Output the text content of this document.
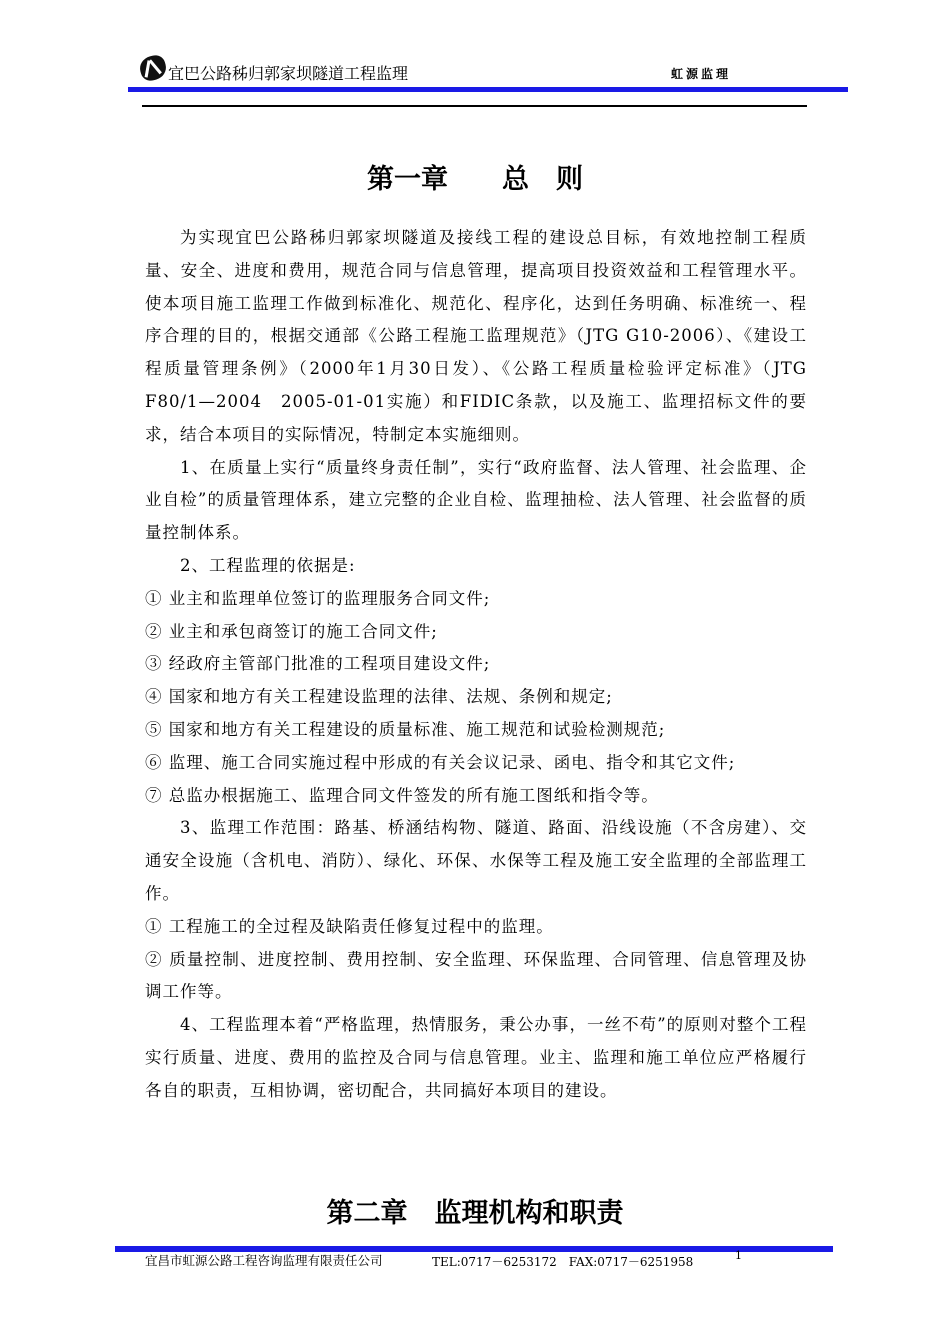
宜巴公路秭归郭家坝隧道工程监理	虹源监理
第一章　　总　则

为实现宜巴公路秭归郭家坝隧道及接线工程的建设总目标，有效地控制工程质量、安全、进度和费用，规范合同与信息管理，提高项目投资效益和工程管理水平。使本项目施工监理工作做到标准化、规范化、程序化，达到任务明确、标准统一、程序合理的目的，根据交通部《公路工程施工监理规范》（JTG G10-2006）、《建设工程质量管理条例》（2000年1月30日发）、《公路工程质量检验评定标准》（JTG F80/1—2004　2005-01-01实施）和FIDIC条款，以及施工、监理招标文件的要求，结合本项目的实际情况，特制定本实施细则。

1、在质量上实行“质量终身责任制”，实行“政府监督、法人管理、社会监理、企业自检”的质量管理体系，建立完整的企业自检、监理抽检、法人管理、社会监督的质量控制体系。

2、工程监理的依据是:

① 业主和监理单位签订的监理服务合同文件;

② 业主和承包商签订的施工合同文件;

③ 经政府主管部门批准的工程项目建设文件;

④ 国家和地方有关工程建设监理的法律、法规、条例和规定;

⑤ 国家和地方有关工程建设的质量标准、施工规范和试验检测规范;

⑥ 监理、施工合同实施过程中形成的有关会议记录、函电、指令和其它文件;

⑦ 总监办根据施工、监理合同文件签发的所有施工图纸和指令等。

3、监理工作范围：路基、桥涵结构物、隧道、路面、沿线设施（不含房建）、交通安全设施（含机电、消防）、绿化、环保、水保等工程及施工安全监理的全部监理工作。

① 工程施工的全过程及缺陷责任修复过程中的监理。

② 质量控制、进度控制、费用控制、安全监理、环保监理、合同管理、信息管理及协调工作等。

4、工程监理本着“严格监理，热情服务，秉公办事，一丝不苟”的原则对整个工程实行质量、进度、费用的监控及合同与信息管理。业主、监理和施工单位应严格履行各自的职责，互相协调，密切配合，共同搞好本项目的建设。

第二章　监理机构和职责
宜昌市虹源公路工程咨询监理有限责任公司	TEL:0717－6253172　FAX:0717－6251958	1
